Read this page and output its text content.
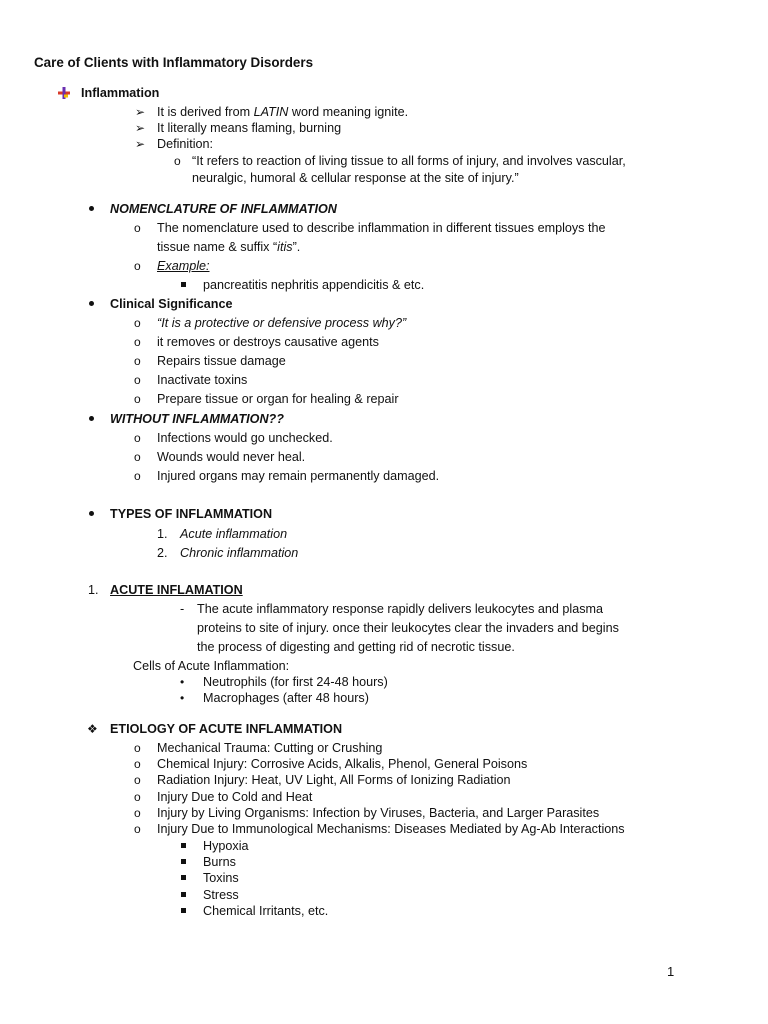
Care of Clients with Inflammatory Disorders
Inflammation
➢ It is derived from LATIN word meaning ignite.
➢ It literally means flaming, burning
➢ Definition:
o “It refers to reaction of living tissue to all forms of injury, and involves vascular,
neuralgic, humoral & cellular response at the site of injury.”
NOMENCLATURE OF INFLAMMATION
o The nomenclature used to describe inflammation in different tissues employs the
tissue name & suffix “itis”.
o Example:
pancreatitis nephritis appendicitis & etc.
Clinical Significance
o “It is a protective or defensive process why?”
o it removes or destroys causative agents
o Repairs tissue damage
o Inactivate toxins
o Prepare tissue or organ for healing & repair
WITHOUT INFLAMMATION??
o Infections would go unchecked.
o Wounds would never heal.
o Injured organs may remain permanently damaged.
TYPES OF INFLAMMATION
1. Acute inflammation
2. Chronic inflammation
1. ACUTE INFLAMATION
- The acute inflammatory response rapidly delivers leukocytes and plasma
proteins to site of injury. once their leukocytes clear the invaders and begins
the process of digesting and getting rid of necrotic tissue.
Cells of Acute Inflammation:
• Neutrophils (for first 24-48 hours)
• Macrophages (after 48 hours)
❖ ETIOLOGY OF ACUTE INFLAMMATION
o Mechanical Trauma: Cutting or Crushing
o Chemical Injury: Corrosive Acids, Alkalis, Phenol, General Poisons
o Radiation Injury: Heat, UV Light, All Forms of Ionizing Radiation
o Injury Due to Cold and Heat
o Injury by Living Organisms: Infection by Viruses, Bacteria, and Larger Parasites
o Injury Due to Immunological Mechanisms: Diseases Mediated by Ag-Ab Interactions
Hypoxia
Burns
Toxins
Stress
Chemical Irritants, etc.
1
